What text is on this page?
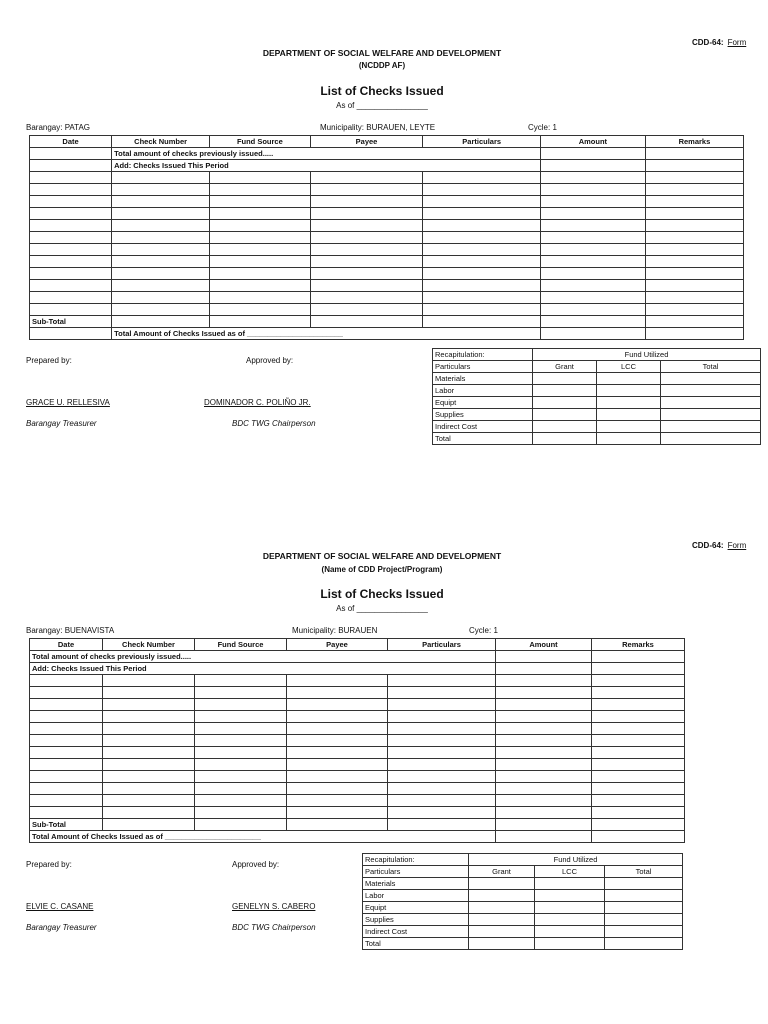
CDD-64: Form
DEPARTMENT OF SOCIAL WELFARE AND DEVELOPMENT
(NCDDP AF)
List of Checks Issued
As of ________________
Barangay: PATAG	Municipality: BURAUEN, LEYTE	Cycle: 1
Date	Check Number	Fund Source	Payee	Particulars	Amount	Remarks
	Total amount of checks previously issued.....					
	Add: Checks Issued This Period					

Sub-Total						
	Total Amount of Checks Issued as of _______________________					
Prepared by:	Approved by:
GRACE U. RELLESIVA	DOMINADOR C. POLIÑO JR.
Barangay Treasurer	BDC TWG Chairperson
Recapitulation:	Fund Utilized		
Particulars	Grant	LCC	Total
Materials			
Labor			
Equipt			
Supplies			
Indirect Cost			
Total			
CDD-64: Form
DEPARTMENT OF SOCIAL WELFARE AND DEVELOPMENT
(Name of CDD Project/Program)
List of Checks Issued
As of ________________
Barangay: BUENAVISTA	Municipality: BURAUEN	Cycle: 1
Date	Check Number	Fund Source	Payee	Particulars	Amount	Remarks
Total amount of checks previously issued.....						
Add: Checks Issued This Period						

Sub-Total						
Total Amount of Checks Issued as of _______________________						
Prepared by:	Approved by:
ELVIE C. CASANE	GENELYN S. CABERO
Barangay Treasurer	BDC TWG Chairperson
Recapitulation:	Fund Utilized		
Particulars	Grant	LCC	Total
Materials			
Labor			
Equipt			
Supplies			
Indirect Cost			
Total			
